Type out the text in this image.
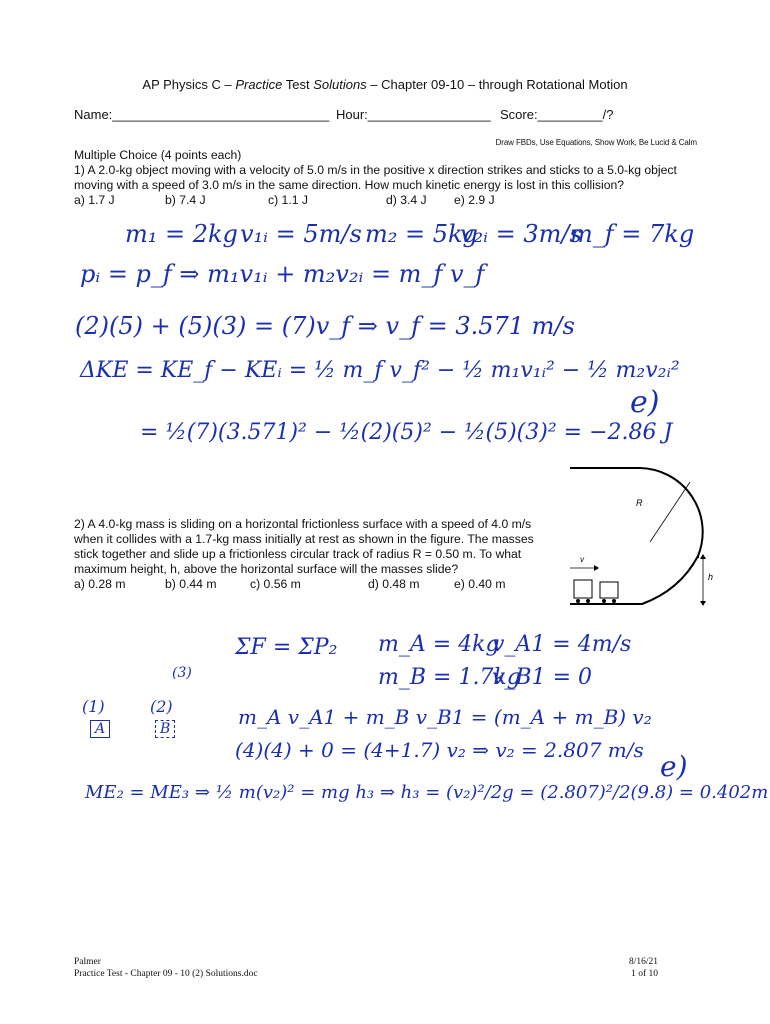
AP Physics C – Practice Test Solutions – Chapter 09-10 – through Rotational Motion
Name:______________________________ Hour:_________________ Score:_________/?
Draw FBDs, Use Equations, Show Work, Be Lucid & Calm
Multiple Choice (4 points each)
1) A 2.0-kg object moving with a velocity of 5.0 m/s in the positive x direction strikes and sticks to a 5.0-kg object
moving with a speed of 3.0 m/s in the same direction. How much kinetic energy is lost in this collision?
a) 1.7 J	b) 7.4 J	c) 1.1 J	d) 3.4 J e) 2.9 J
m₁ = 2kg v₁ᵢ = 5m/s m₂ = 5kg
v₂ᵢ = 3m/s
m_f = 7kg
pᵢ = p_f ⇒ m₁v₁ᵢ + m₂v₂ᵢ = m_f v_f
(2)(5) + (5)(3) = (7)v_f ⇒ v_f = 3.571 m/s
ΔKE = KE_f − KEᵢ = ½ m_f v_f² − ½ m₁v₁ᵢ² − ½ m₂v₂ᵢ²
e)
= ½(7)(3.571)² − ½(2)(5)² − ½(5)(3)² = −2.86 J
R
h
v
2) A 4.0-kg mass is sliding on a horizontal frictionless surface with a speed of 4.0 m/s
when it collides with a 1.7-kg mass initially at rest as shown in the figure. The masses
stick together and slide up a frictionless circular track of radius R = 0.50 m. To what
maximum height, h, above the horizontal surface will the masses slide?
a) 0.28 m	b) 0.44 m	c) 0.56 m	d) 0.48 m	e) 0.40 m
ΣF = ΣP₂ m_A = 4kg
v_A1 = 4m/s
(3)	m_B = 1.7kg
v_B1 = 0
(1)	(2)
A	B	m_A v_A1 + m_B v_B1 = (m_A + m_B) v₂
(4)(4) + 0 = (4+1.7) v₂ ⇒ v₂ = 2.807 m/s e)
ME₂ = ME₃ ⇒ ½ m(v₂)² = mg h₃ ⇒ h₃ = (v₂)²/2g = (2.807)²/2(9.8) = 0.402m
Palmer
Practice Test - Chapter 09 - 10 (2) Solutions.doc
8/16/21
1 of 10
